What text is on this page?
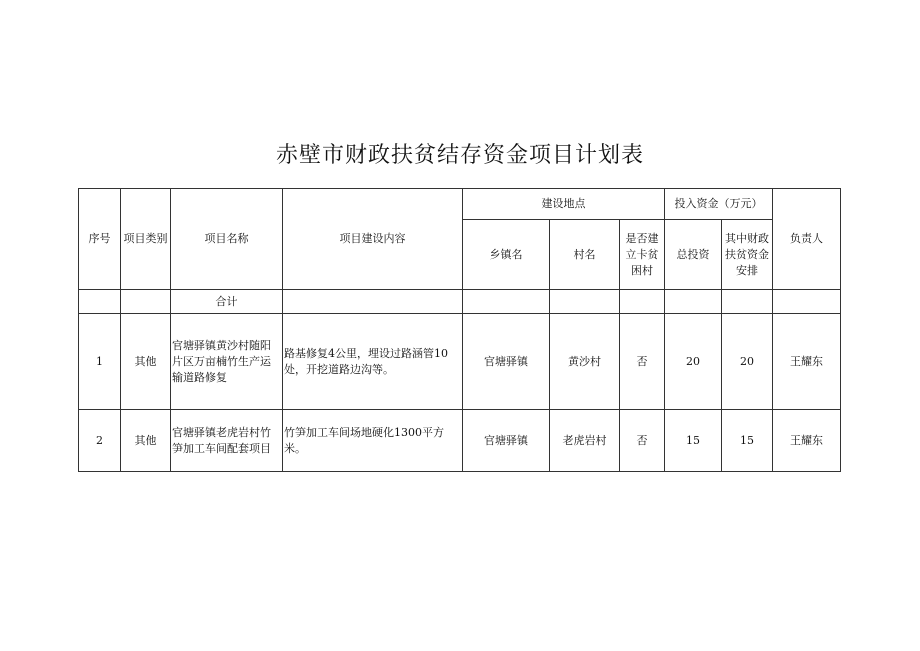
赤壁市财政扶贫结存资金项目计划表
序号	项目类别	项目名称	项目建设内容	建设地点			投入资金（万元）		负责人
				乡镇名	村名	是否建立卡贫困村	总投资	其中财政扶贫资金安排	
		合计							
1	其他	官塘驿镇黄沙村随阳片区万亩楠竹生产运输道路修复	路基修复4公里，埋设过路涵管10处，开挖道路边沟等。	官塘驿镇	黄沙村	否	20	20	王耀东
2	其他	官塘驿镇老虎岩村竹笋加工车间配套项目	竹笋加工车间场地硬化1300平方米。	官塘驿镇	老虎岩村	否	15	15	王耀东
